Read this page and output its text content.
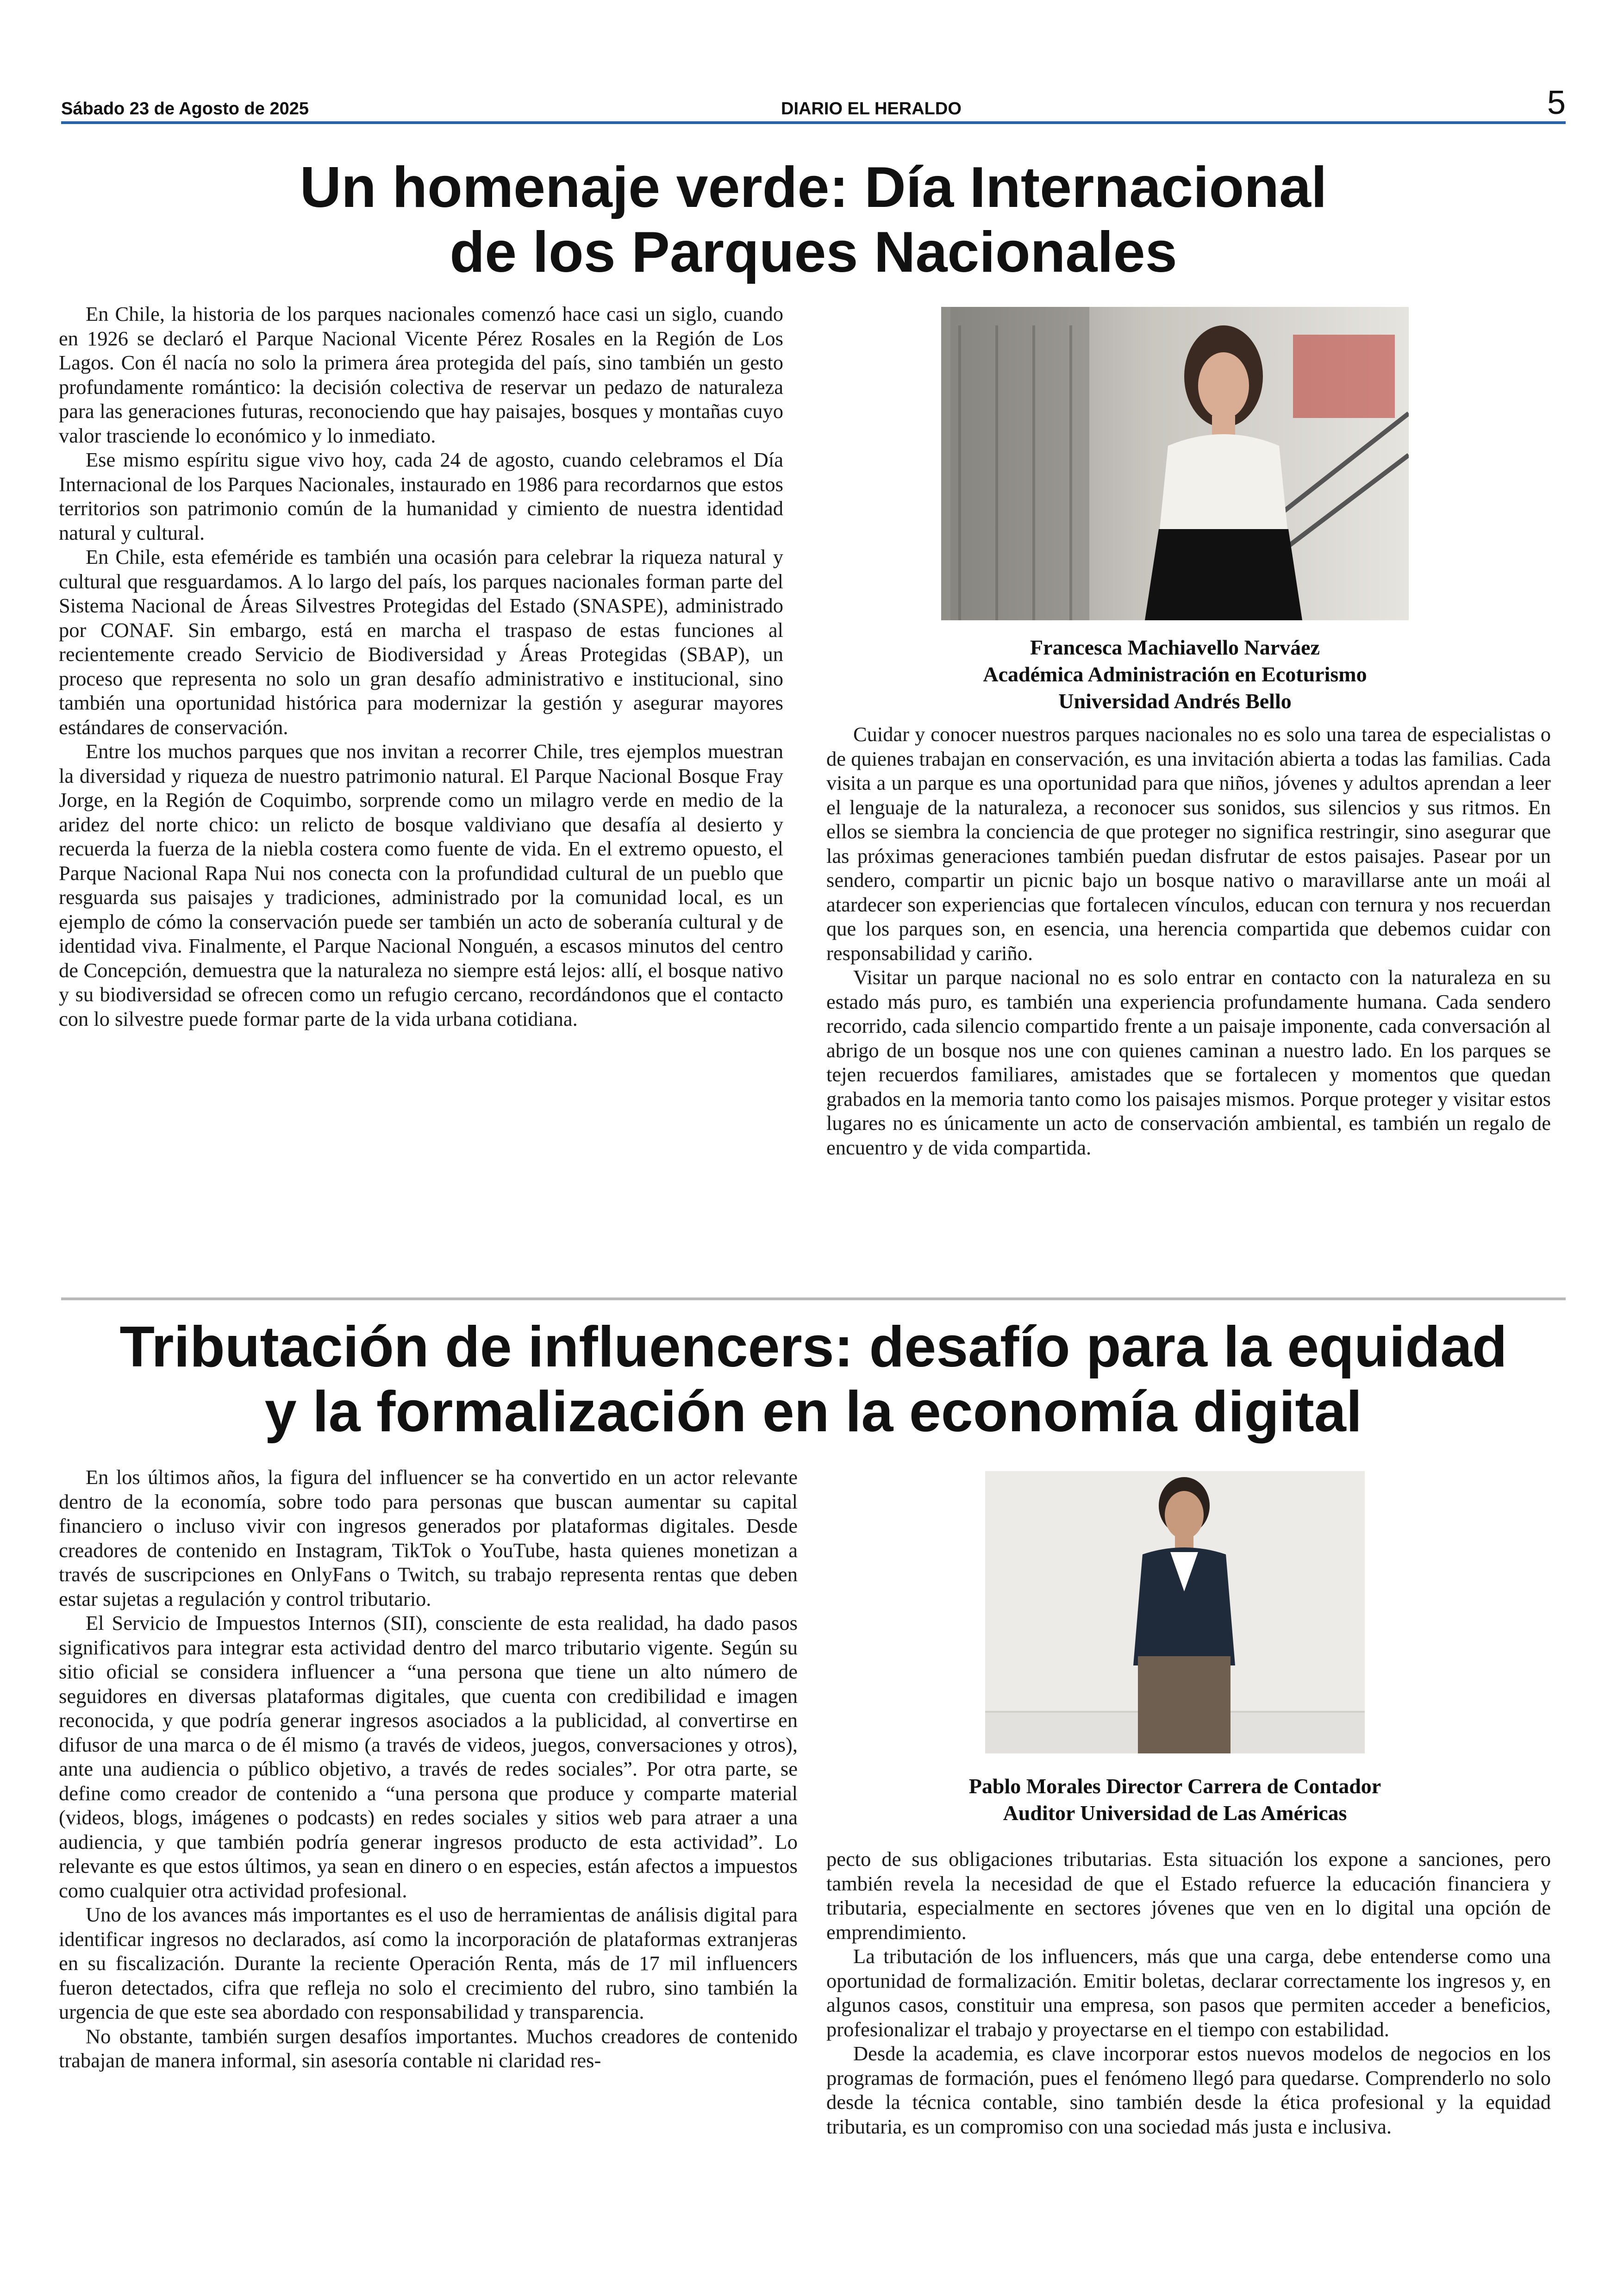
Sábado 23 de Agosto de 2025	DIARIO EL HERALDO	5
Un homenaje verde: Día Internacional
de los Parques Nacionales

En Chile, la historia de los parques nacionales comenzó hace casi un siglo, cuando en 1926 se declaró el Parque Nacional Vicente Pérez Rosales en la Región de Los Lagos. Con él nacía no solo la primera área protegida del país, sino también un gesto profundamente romántico: la decisión colectiva de reservar un pedazo de naturaleza para las generaciones futuras, reconociendo que hay paisajes, bosques y montañas cuyo valor trasciende lo económico y lo inmediato.

Ese mismo espíritu sigue vivo hoy, cada 24 de agosto, cuando celebramos el Día Internacional de los Parques Nacionales, instaurado en 1986 para recordarnos que estos territorios son patrimonio común de la humanidad y cimiento de nuestra identidad natural y cultural.

En Chile, esta efeméride es también una ocasión para celebrar la riqueza natural y cultural que resguardamos. A lo largo del país, los parques nacionales forman parte del Sistema Nacional de Áreas Silvestres Protegidas del Estado (SNASPE), administrado por CONAF. Sin embargo, está en marcha el traspaso de estas funciones al recientemente creado Servicio de Biodiversidad y Áreas Protegidas (SBAP), un proceso que representa no solo un gran desafío administrativo e institucional, sino también una oportunidad histórica para modernizar la gestión y asegurar mayores estándares de conservación.

Entre los muchos parques que nos invitan a recorrer Chile, tres ejemplos muestran la diversidad y riqueza de nuestro patrimonio natural. El Parque Nacional Bosque Fray Jorge, en la Región de Coquimbo, sorprende como un milagro verde en medio de la aridez del norte chico: un relicto de bosque valdiviano que desafía al desierto y recuerda la fuerza de la niebla costera como fuente de vida. En el extremo opuesto, el Parque Nacional Rapa Nui nos conecta con la profundidad cultural de un pueblo que resguarda sus paisajes y tradiciones, administrado por la comunidad local, es un ejemplo de cómo la conservación puede ser también un acto de soberanía cultural y de identidad viva. Finalmente, el Parque Nacional Nonguén, a escasos minutos del centro de Concepción, demuestra que la naturaleza no siempre está lejos: allí, el bosque nativo y su biodiversidad se ofrecen como un refugio cercano, recordándonos que el contacto con lo silvestre puede formar parte de la vida urbana cotidiana.

Francesca Machiavello Narváez
Académica Administración en Ecoturismo
Universidad Andrés Bello

Cuidar y conocer nuestros parques nacionales no es solo una tarea de especialistas o de quienes trabajan en conservación, es una invitación abierta a todas las familias. Cada visita a un parque es una oportunidad para que niños, jóvenes y adultos aprendan a leer el lenguaje de la naturaleza, a reconocer sus sonidos, sus silencios y sus ritmos. En ellos se siembra la conciencia de que proteger no significa restringir, sino asegurar que las próximas generaciones también puedan disfrutar de estos paisajes. Pasear por un sendero, compartir un picnic bajo un bosque nativo o maravillarse ante un moái al atardecer son experiencias que fortalecen vínculos, educan con ternura y nos recuerdan que los parques son, en esencia, una herencia compartida que debemos cuidar con responsabilidad y cariño.

Visitar un parque nacional no es solo entrar en contacto con la naturaleza en su estado más puro, es también una experiencia profundamente humana. Cada sendero recorrido, cada silencio compartido frente a un paisaje imponente, cada conversación al abrigo de un bosque nos une con quienes caminan a nuestro lado. En los parques se tejen recuerdos familiares, amistades que se fortalecen y momentos que quedan grabados en la memoria tanto como los paisajes mismos. Porque proteger y visitar estos lugares no es únicamente un acto de conservación ambiental, es también un regalo de encuentro y de vida compartida.

Tributación de influencers: desafío para la equidad
y la formalización en la economía digital

En los últimos años, la figura del influencer se ha convertido en un actor relevante dentro de la economía, sobre todo para personas que buscan aumentar su capital financiero o incluso vivir con ingresos generados por plataformas digitales. Desde creadores de contenido en Instagram, TikTok o YouTube, hasta quienes monetizan a través de suscripciones en OnlyFans o Twitch, su trabajo representa rentas que deben estar sujetas a regulación y control tributario.

El Servicio de Impuestos Internos (SII), consciente de esta realidad, ha dado pasos significativos para integrar esta actividad dentro del marco tributario vigente. Según su sitio oficial se considera influencer a “una persona que tiene un alto número de seguidores en diversas plataformas digitales, que cuenta con credibilidad e imagen reconocida, y que podría generar ingresos asociados a la publicidad, al convertirse en difusor de una marca o de él mismo (a través de videos, juegos, conversaciones y otros), ante una audiencia o público objetivo, a través de redes sociales”. Por otra parte, se define como creador de contenido a “una persona que produce y comparte material (videos, blogs, imágenes o podcasts) en redes sociales y sitios web para atraer a una audiencia, y que también podría generar ingresos producto de esta actividad”. Lo relevante es que estos últimos, ya sean en dinero o en especies, están afectos a impuestos como cualquier otra actividad profesional.

Uno de los avances más importantes es el uso de herramientas de análisis digital para identificar ingresos no declarados, así como la incorporación de plataformas extranjeras en su fiscalización. Durante la reciente Operación Renta, más de 17 mil influencers fueron detectados, cifra que refleja no solo el crecimiento del rubro, sino también la urgencia de que este sea abordado con responsabilidad y transparencia.

No obstante, también surgen desafíos importantes. Muchos creadores de contenido trabajan de manera informal, sin asesoría contable ni claridad res-

Pablo Morales Director Carrera de Contador
Auditor Universidad de Las Américas

pecto de sus obligaciones tributarias. Esta situación los expone a sanciones, pero también revela la necesidad de que el Estado refuerce la educación financiera y tributaria, especialmente en sectores jóvenes que ven en lo digital una opción de emprendimiento.

La tributación de los influencers, más que una carga, debe entenderse como una oportunidad de formalización. Emitir boletas, declarar correctamente los ingresos y, en algunos casos, constituir una empresa, son pasos que permiten acceder a beneficios, profesionalizar el trabajo y proyectarse en el tiempo con estabilidad.

Desde la academia, es clave incorporar estos nuevos modelos de negocios en los programas de formación, pues el fenómeno llegó para quedarse. Comprenderlo no solo desde la técnica contable, sino también desde la ética profesional y la equidad tributaria, es un compromiso con una sociedad más justa e inclusiva.
